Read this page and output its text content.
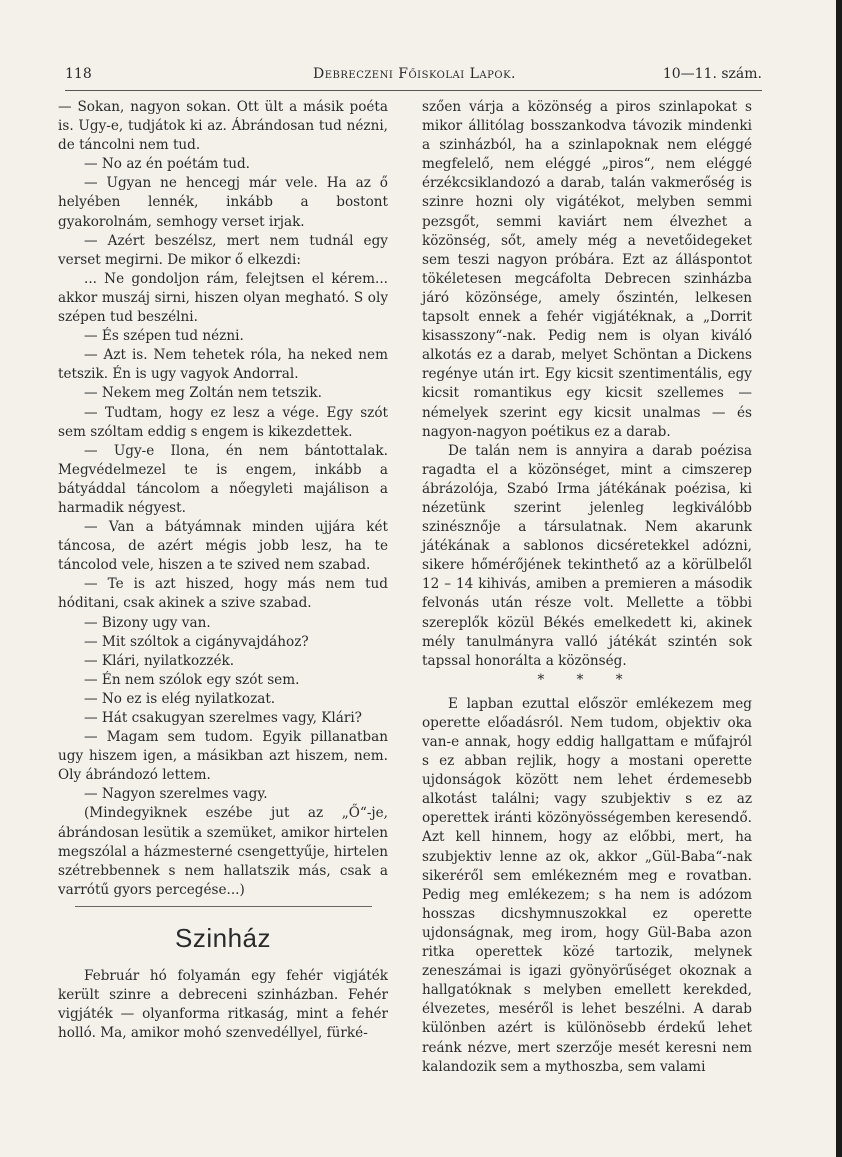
118	Debreczeni Főiskolai Lapok.	10—11. szám.

— Sokan, nagyon sokan. Ott ült a másik poéta is. Ugy-e, tudjátok ki az. Ábrándosan tud nézni, de táncolni nem tud.

— No az én poétám tud.

— Ugyan ne hencegj már vele. Ha az ő helyében lennék, inkább a bostont gyakorolnám, semhogy verset irjak.

— Azért beszélsz, mert nem tudnál egy verset megirni. De mikor ő elkezdi:

... Ne gondoljon rám, felejtsen el kérem... akkor muszáj sirni, hiszen olyan megható. S oly szépen tud beszélni.

— És szépen tud nézni.

— Azt is. Nem tehetek róla, ha neked nem tetszik. Én is ugy vagyok Andorral.

— Nekem meg Zoltán nem tetszik.

— Tudtam, hogy ez lesz a vége. Egy szót sem szóltam eddig s engem is kikezdettek.

— Ugy-e Ilona, én nem bántottalak. Megvédelmezel te is engem, inkább a bátyáddal táncolom a nőegyleti majálison a harmadik négyest.

— Van a bátyámnak minden ujjára két táncosa, de azért mégis jobb lesz, ha te táncolod vele, hiszen a te szived nem szabad.

— Te is azt hiszed, hogy más nem tud hóditani, csak akinek a szive szabad.

— Bizony ugy van.

— Mit szóltok a cigányvajdához?

— Klári, nyilatkozzék.

— Én nem szólok egy szót sem.

— No ez is elég nyilatkozat.

— Hát csakugyan szerelmes vagy, Klári?

— Magam sem tudom. Egyik pillanatban ugy hiszem igen, a másikban azt hiszem, nem. Oly ábrándozó lettem.

— Nagyon szerelmes vagy.

(Mindegyiknek eszébe jut az „Ő“-je, ábrándosan lesütik a szemüket, amikor hirtelen megszólal a házmesterné csengettyűje, hirtelen szétrebbennek s nem hallatszik más, csak a varrótű gyors percegése...)

Szinház

Február hó folyamán egy fehér vigjáték került szinre a debreceni szinházban. Fehér vigjáték — olyanforma ritkaság, mint a fehér holló. Ma, amikor mohó szenvedéllyel, fürké-

szően várja a közönség a piros szinlapokat s mikor állitólag bosszankodva távozik mindenki a szinházból, ha a szinlapoknak nem eléggé megfelelő, nem eléggé „piros“, nem eléggé érzékcsiklandozó a darab, talán vakmerőség is szinre hozni oly vigátékot, melyben semmi pezsgőt, semmi kaviárt nem élvezhet a közönség, sőt, amely még a nevetőidegeket sem teszi nagyon próbára. Ezt az álláspontot tökéletesen megcáfolta Debrecen szinházba járó közönsége, amely őszintén, lelkesen tapsolt ennek a fehér vigjátéknak, a „Dorrit kisasszony“-nak. Pedig nem is olyan kiváló alkotás ez a darab, melyet Schöntan a Dickens regénye után irt. Egy kicsit szentimentális, egy kicsit romantikus egy kicsit szellemes — némelyek szerint egy kicsit unalmas — és nagyon-nagyon poétikus ez a darab.

De talán nem is annyira a darab poézisa ragadta el a közönséget, mint a cimszerep ábrázolója, Szabó Irma játékának poézisa, ki nézetünk szerint jelenleg legkiválóbb szinésznője a társulatnak. Nem akarunk játékának a sablonos dicséretekkel adózni, sikere hőmérőjének tekinthető az a körülbelől 12 – 14 kihivás, amiben a premieren a második felvonás után része volt. Mellette a többi szereplők közül Békés emelkedett ki, akinek mély tanulmányra valló játékát szintén sok tapssal honorálta a közönség.

* * *

E lapban ezuttal először emlékezem meg operette előadásról. Nem tudom, objektiv oka van-e annak, hogy eddig hallgattam e műfajról s ez abban rejlik, hogy a mostani operette ujdonságok között nem lehet érdemesebb alkotást találni; vagy szubjektiv s ez az operettek iránti közönyösségemben keresendő. Azt kell hinnem, hogy az előbbi, mert, ha szubjektiv lenne az ok, akkor „Gül-Baba“-nak sikeréről sem emlékezném meg e rovatban. Pedig meg emlékezem; s ha nem is adózom hosszas dicshymnuszokkal ez operette ujdonságnak, meg irom, hogy Gül-Baba azon ritka operettek közé tartozik, melynek zeneszámai is igazi gyönyörűséget okoznak a hallgatóknak s melyben emellett kerekded, élvezetes, meséről is lehet beszélni. A darab különben azért is különösebb érdekű lehet reánk nézve, mert szerzője mesét keresni nem kalandozik sem a mythoszba, sem valami
